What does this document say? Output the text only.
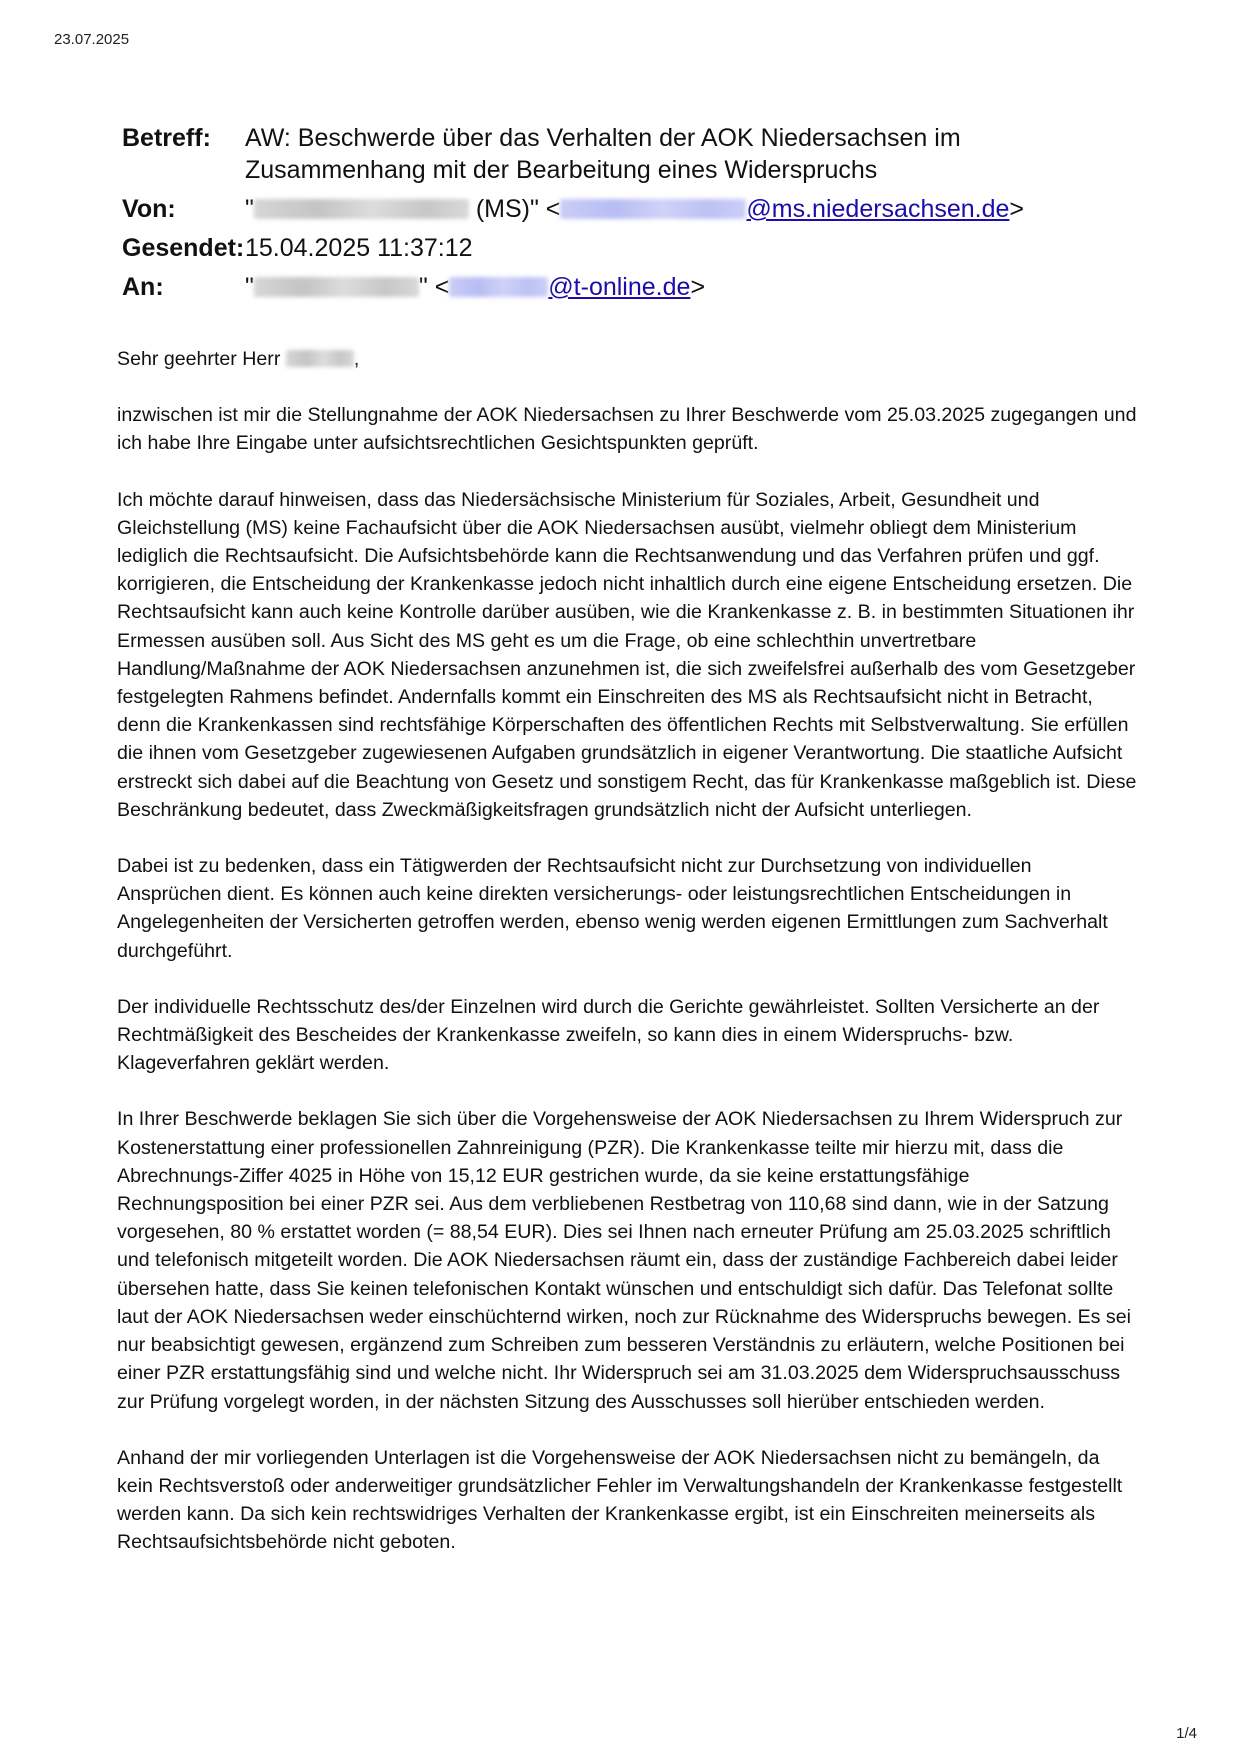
23.07.2025
Betreff:	AW: Beschwerde über das Verhalten der AOK Niedersachsen im Zusammenhang mit der Bearbeitung eines Widerspruchs
Von:	"	(MS)" <	@ms.niedersachsen.de>
Gesendet: 15.04.2025 11:37:12
An:	"	" <	@t-online.de>

Sehr geehrter Herr	,

inzwischen ist mir die Stellungnahme der AOK Niedersachsen zu Ihrer Beschwerde vom 25.03.2025 zugegangen und ich habe Ihre Eingabe unter aufsichtsrechtlichen Gesichtspunkten geprüft.

Ich möchte darauf hinweisen, dass das Niedersächsische Ministerium für Soziales, Arbeit, Gesundheit und Gleichstellung (MS) keine Fachaufsicht über die AOK Niedersachsen ausübt, vielmehr obliegt dem Ministerium lediglich die Rechtsaufsicht. Die Aufsichtsbehörde kann die Rechtsanwendung und das Verfahren prüfen und ggf. korrigieren, die Entscheidung der Krankenkasse jedoch nicht inhaltlich durch eine eigene Entscheidung ersetzen. Die Rechtsaufsicht kann auch keine Kontrolle darüber ausüben, wie die Krankenkasse z. B. in bestimmten Situationen ihr Ermessen ausüben soll. Aus Sicht des MS geht es um die Frage, ob eine schlechthin unvertretbare Handlung/Maßnahme der AOK Niedersachsen anzunehmen ist, die sich zweifelsfrei außerhalb des vom Gesetzgeber festgelegten Rahmens befindet. Andernfalls kommt ein Einschreiten des MS als Rechtsaufsicht nicht in Betracht, denn die Krankenkassen sind rechtsfähige Körperschaften des öffentlichen Rechts mit Selbstverwaltung. Sie erfüllen die ihnen vom Gesetzgeber zugewiesenen Aufgaben grundsätzlich in eigener Verantwortung. Die staatliche Aufsicht erstreckt sich dabei auf die Beachtung von Gesetz und sonstigem Recht, das für Krankenkasse maßgeblich ist. Diese Beschränkung bedeutet, dass Zweckmäßigkeitsfragen grundsätzlich nicht der Aufsicht unterliegen.

Dabei ist zu bedenken, dass ein Tätigwerden der Rechtsaufsicht nicht zur Durchsetzung von individuellen Ansprüchen dient. Es können auch keine direkten versicherungs- oder leistungsrechtlichen Entscheidungen in Angelegenheiten der Versicherten getroffen werden, ebenso wenig werden eigenen Ermittlungen zum Sachverhalt durchgeführt.

Der individuelle Rechtsschutz des/der Einzelnen wird durch die Gerichte gewährleistet. Sollten Versicherte an der Rechtmäßigkeit des Bescheides der Krankenkasse zweifeln, so kann dies in einem Widerspruchs- bzw. Klageverfahren geklärt werden.

In Ihrer Beschwerde beklagen Sie sich über die Vorgehensweise der AOK Niedersachsen zu Ihrem Widerspruch zur Kostenerstattung einer professionellen Zahnreinigung (PZR). Die Krankenkasse teilte mir hierzu mit, dass die Abrechnungs-Ziffer 4025 in Höhe von 15,12 EUR gestrichen wurde, da sie keine erstattungsfähige Rechnungsposition bei einer PZR sei. Aus dem verbliebenen Restbetrag von 110,68 sind dann, wie in der Satzung vorgesehen, 80 % erstattet worden (= 88,54 EUR). Dies sei Ihnen nach erneuter Prüfung am 25.03.2025 schriftlich und telefonisch mitgeteilt worden. Die AOK Niedersachsen räumt ein, dass der zuständige Fachbereich dabei leider übersehen hatte, dass Sie keinen telefonischen Kontakt wünschen und entschuldigt sich dafür. Das Telefonat sollte laut der AOK Niedersachsen weder einschüchternd wirken, noch zur Rücknahme des Widerspruchs bewegen. Es sei nur beabsichtigt gewesen, ergänzend zum Schreiben zum besseren Verständnis zu erläutern, welche Positionen bei einer PZR erstattungsfähig sind und welche nicht. Ihr Widerspruch sei am 31.03.2025 dem Widerspruchsausschuss zur Prüfung vorgelegt worden, in der nächsten Sitzung des Ausschusses soll hierüber entschieden werden.

Anhand der mir vorliegenden Unterlagen ist die Vorgehensweise der AOK Niedersachsen nicht zu bemängeln, da kein Rechtsverstoß oder anderweitiger grundsätzlicher Fehler im Verwaltungshandeln der Krankenkasse festgestellt werden kann. Da sich kein rechtswidriges Verhalten der Krankenkasse ergibt, ist ein Einschreiten meinerseits als Rechtsaufsichtsbehörde nicht geboten.

1/4
